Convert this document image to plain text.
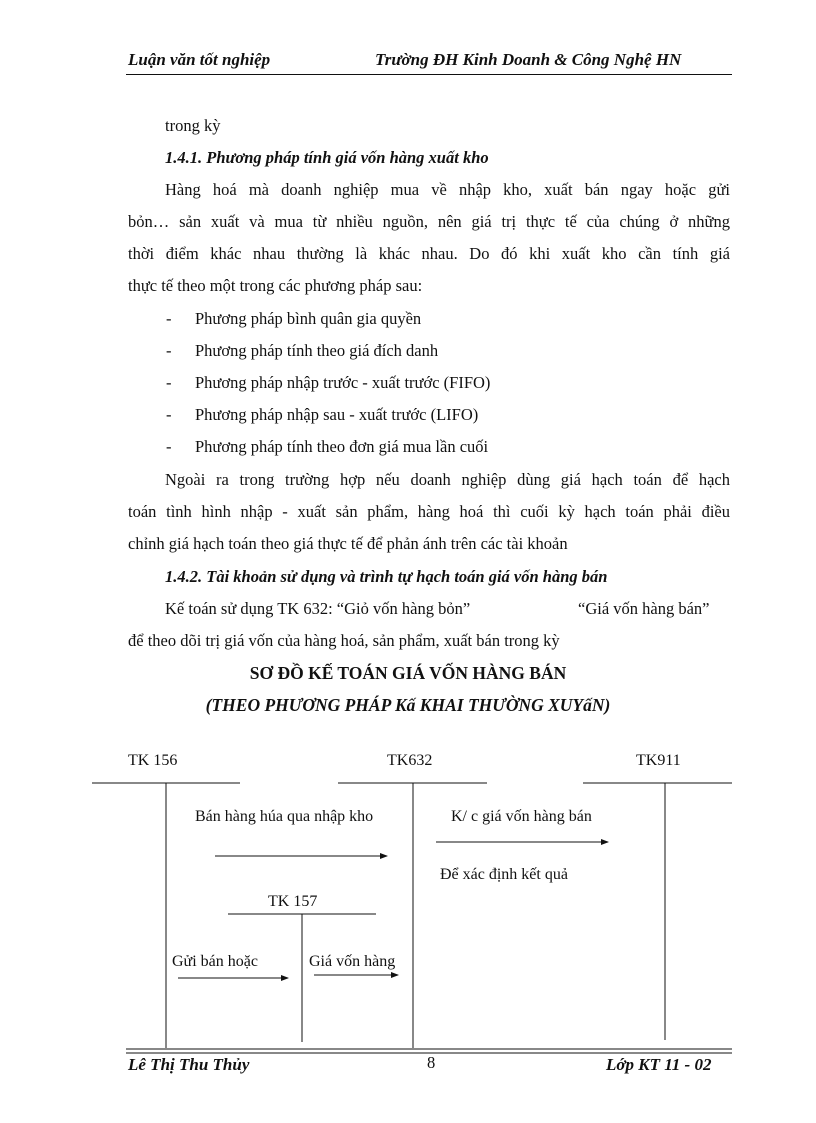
Luận văn tốt nghiệp	Trường ĐH Kinh Doanh & Công Nghệ HN
trong kỳ
1.4.1. Phương pháp tính giá vốn hàng xuất kho
Hàng hoá mà doanh nghiệp mua về nhập kho, xuất bán ngay hoặc gửi
bỏn… sản xuất và mua từ nhiều nguồn, nên giá trị thực tế của chúng ở những
thời điểm khác nhau thường là khác nhau. Do đó khi xuất kho cần tính giá
thực tế theo một trong các phương pháp sau:
- Phương pháp bình quân gia quyền
- Phương pháp tính theo giá đích danh
- Phương pháp nhập trước - xuất trước (FIFO)
- Phương pháp nhập sau - xuất trước (LIFO)
- Phương pháp tính theo đơn giá mua lần cuối
Ngoài ra trong trường hợp nếu doanh nghiệp dùng giá hạch toán để hạch
toán tình hình nhập - xuất sản phẩm, hàng hoá thì cuối kỳ hạch toán phải điều
chỉnh giá hạch toán theo giá thực tế để phản ánh trên các tài khoản
1.4.2. Tài khoản sử dụng và trình tự hạch toán giá vốn hàng bán
Kế toán sử dụng TK 632: “Giỏ vốn hàng bỏn”	“Giá vốn hàng bán”
để theo dõi trị giá vốn của hàng hoá, sản phẩm, xuất bán trong kỳ
SƠ ĐỒ KẾ TOÁN GIÁ VỐN HÀNG BÁN
(THEO PHƯƠNG PHÁP Kấ KHAI THƯỜNG XUYấN)
TK 156	TK632	TK911
TK 157
Bán hàng húa qua nhập kho	K/ c giá vốn hàng bán
Để xác định kết quả
Gửi bán hoặc	Giá vốn hàng
Lê Thị Thu Thủy	8	Lớp KT 11 - 02
